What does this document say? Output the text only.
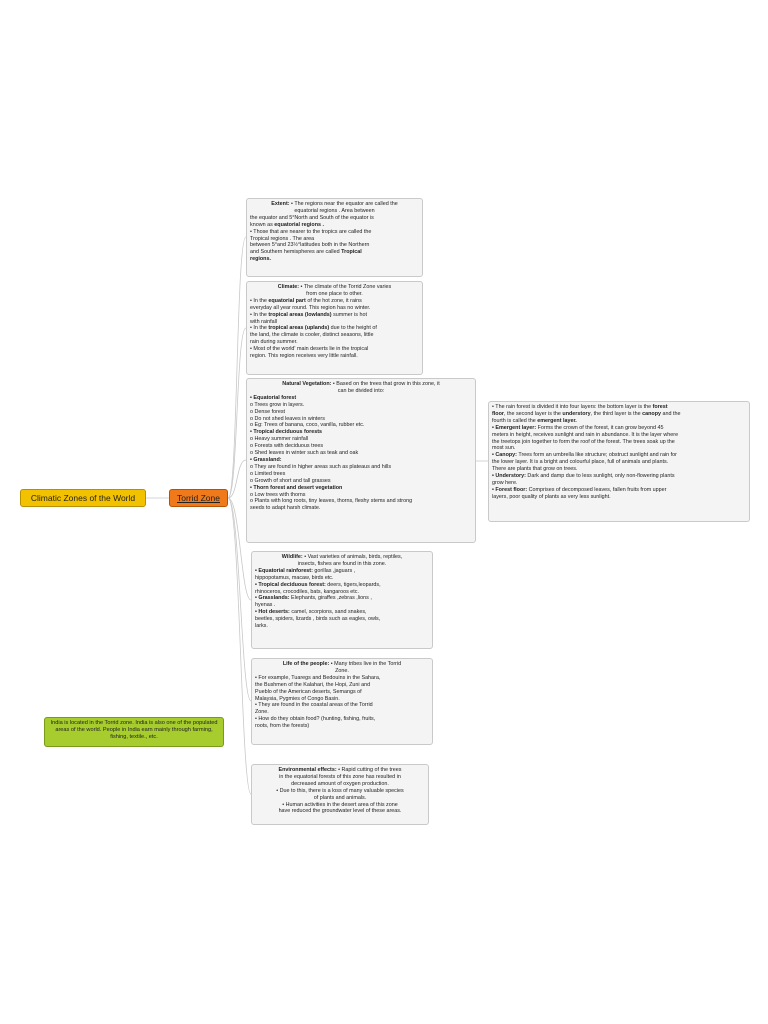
Climatic Zones of the World	Torrid Zone
India is located in the Torrid zone. India is also one of the populated areas of the world. People in India earn mainly through farming, fishing, textile., etc.

Extent: • The regions near the equator are called the

equatorial regions . Area between

the equator and 5°North and South of the equator is

known as equatorial regions .

• Those that are nearer to the tropics are called the

Tropical regions . The area

between 5°and 23½°latitudes both in the Northern

and Southern hemispheres are called Tropical

regions.

Climate: • The climate of the Torrid Zone varies

from one place to other.

• In the equatorial part of the hot zone, it rains

everyday all year round. This region has no winter.

• In the tropical areas (lowlands) summer is hot

with rainfall

• In the tropical areas (uplands) due to the height of

the land, the climate is cooler, distinct seasons, little

rain during summer.

• Most of the world' main deserts lie in the tropical

region. This region receives very little rainfall.

Natural Vegetation: • Based on the trees that grow in this zone, it

can be divided into:

• Equatorial forest

o Trees grow in layers.

o Dense forest

o Do not shed leaves in winters

o Eg: Trees of banana, coco, vanilla, rubber etc.

• Tropical deciduous forests

o Heavy summer rainfall

o Forests with deciduous trees

o Shed leaves in winter such as teak and oak

• Grassland:

o They are found in higher areas such as plateaus and hills

o Limited trees

o Growth of short and tall grasses

• Thorn forest and desert vegetation

o Low trees with thorns

o Plants with long roots, tiny leaves, thorns, fleshy stems and strong

seeds to adapt harsh climate.

• The rain forest is divided it into four layers: the bottom layer is the forest

floor, the second layer is the understory, the third layer is the canopy and the

fourth is called the emergent layer.

• Emergent layer: Forms the crown of the forest, it can grow beyond 45

meters in height, receives sunlight and rain in abundance. It is the layer where

the treetops join together to form the roof of the forest. The trees soak up the

most sun.

• Canopy: Trees form an umbrella like structure; obstruct sunlight and rain for

the lower layer. It is a bright and colourful place, full of animals and plants.

There are plants that grow on trees.

• Understory: Dark and damp due to less sunlight, only non-flowering plants

grow here.

• Forest floor: Comprises of decomposed leaves, fallen fruits from upper

layers, poor quality of plants as very less sunlight.

Wildlife: • Vast varieties of animals, birds, reptiles,

insects, fishes are found in this zone.

• Equatorial rainforest: gorillas ,jaguars ,

hippopotamus, macaw, birds etc.

• Tropical deciduous forest: deers, tigers,leopards,

rhinoceros, crocodiles, bats, kangaroos etc.

• Grasslands: Elephants, giraffes ,zebras ,lions ,

hyenas .

• Hot deserts: camel, scorpions, sand snakes,

beetles, spiders, lizards , birds such as eagles, owls,

larks.

Life of the people: • Many tribes live in the Torrid

Zone.

• For example, Tuaregs and Bedouins in the Sahara,

the Bushmen of the Kalahari, the Hopi, Zuni and

Pueblo of the American deserts, Semangs of

Malaysia, Pygmies of Congo Basin.

• They are found in the coastal areas of the Torrid

Zone.

• How do they obtain food? (hunting, fishing, fruits,

roots, from the forests)

Environmental effects: • Rapid cutting of the trees

in the equatorial forests of this zone has resulted in

decreased amount of oxygen production.

• Due to this, there is a loss of many valuable species

of plants and animals.

• Human activities in the desert area of this zone

have reduced the groundwater level of these areas.
